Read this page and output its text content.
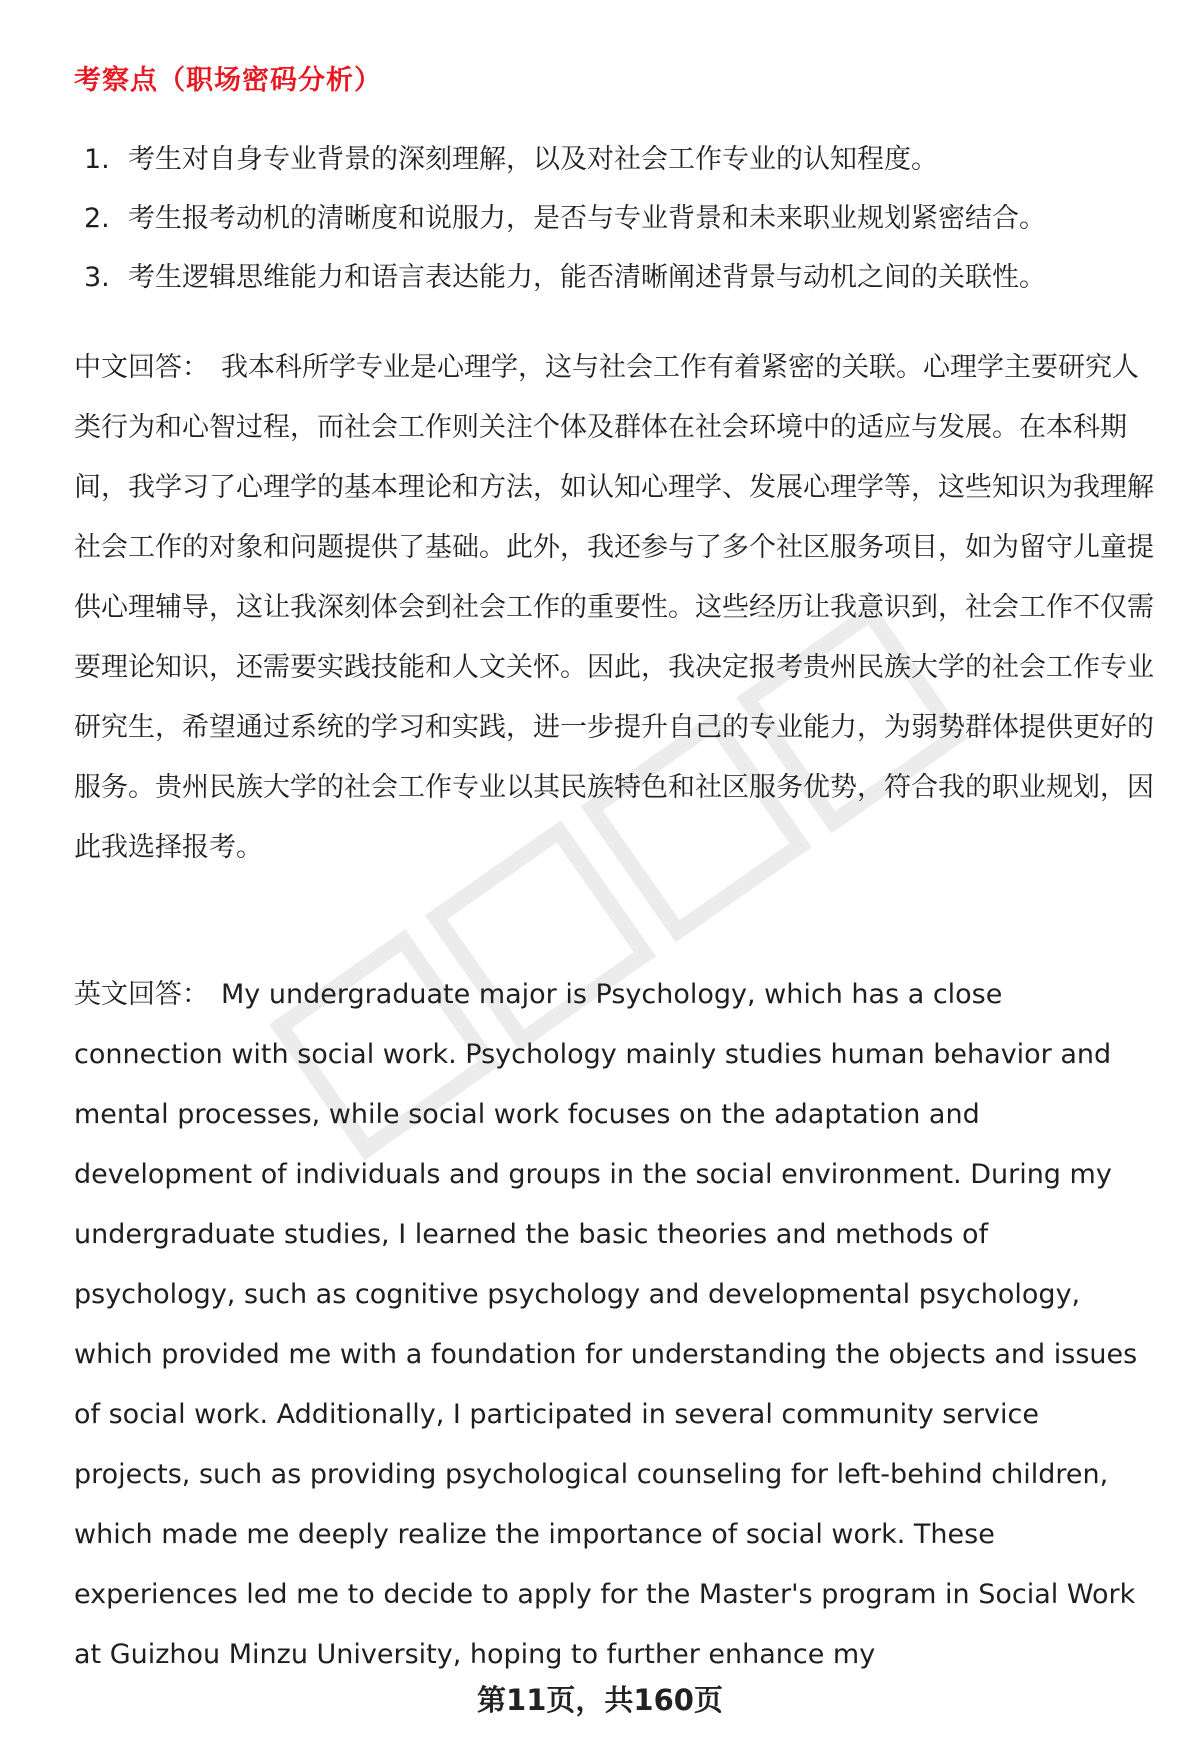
考察点（职场密码分析）
1. 考生对自身专业背景的深刻理解，以及对社会工作专业的认知程度。
2. 考生报考动机的清晰度和说服力，是否与专业背景和未来职业规划紧密结合。
3. 考生逻辑思维能力和语言表达能力，能否清晰阐述背景与动机之间的关联性。

中文回答： 我本科所学专业是心理学，这与社会工作有着紧密的关联。心理学主要研究人类行为和心智过程，而社会工作则关注个体及群体在社会环境中的适应与发展。在本科期间，我学习了心理学的基本理论和方法，如认知心理学、发展心理学等，这些知识为我理解社会工作的对象和问题提供了基础。此外，我还参与了多个社区服务项目，如为留守儿童提供心理辅导，这让我深刻体会到社会工作的重要性。这些经历让我意识到，社会工作不仅需要理论知识，还需要实践技能和人文关怀。因此，我决定报考贵州民族大学的社会工作专业研究生，希望通过系统的学习和实践，进一步提升自己的专业能力，为弱势群体提供更好的服务。贵州民族大学的社会工作专业以其民族特色和社区服务优势，符合我的职业规划，因此我选择报考。

英文回答： My undergraduate major is Psychology, which has a close connection with social work. Psychology mainly studies human behavior and mental processes, while social work focuses on the adaptation and development of individuals and groups in the social environment. During my undergraduate studies, I learned the basic theories and methods of psychology, such as cognitive psychology and developmental psychology, which provided me with a foundation for understanding the objects and issues of social work. Additionally, I participated in several community service projects, such as providing psychological counseling for left-behind children, which made me deeply realize the importance of social work. These experiences led me to decide to apply for the Master's program in Social Work at Guizhou Minzu University, hoping to further enhance my

第11页，共160页
